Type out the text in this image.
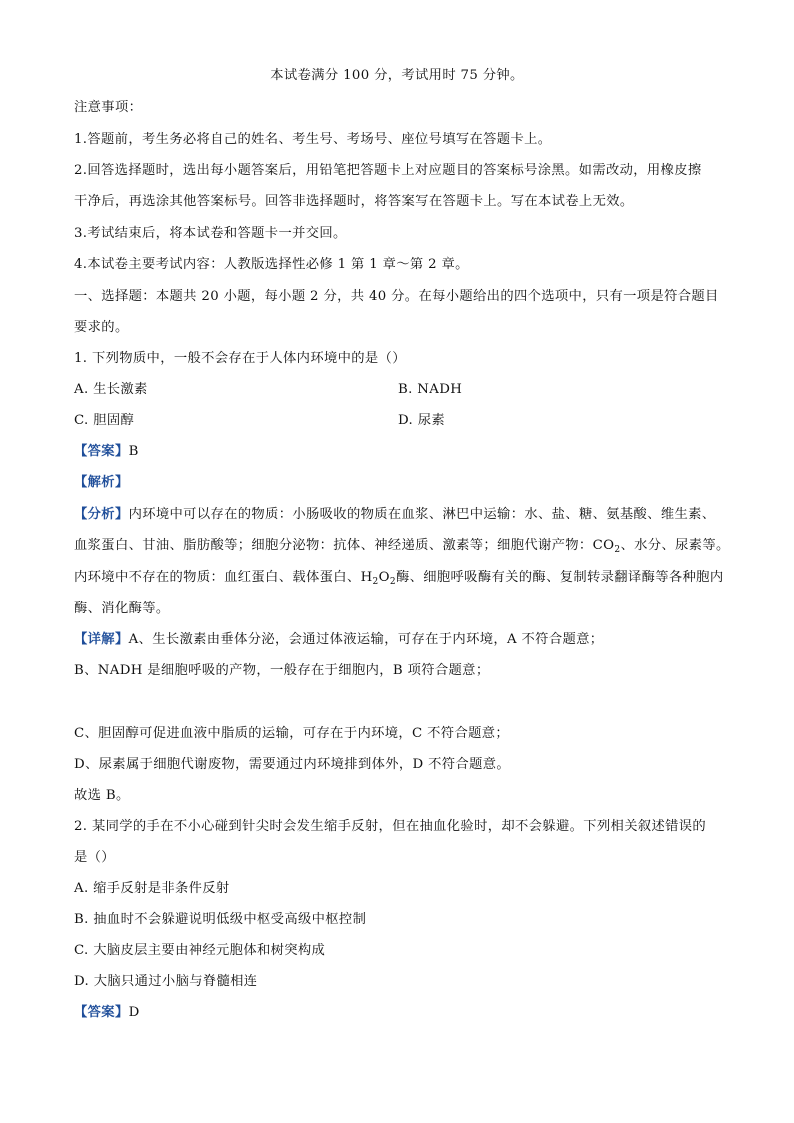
本试卷满分 100 分，考试用时 75 分钟。
注意事项：
1.答题前，考生务必将自己的姓名、考生号、考场号、座位号填写在答题卡上。
2.回答选择题时，选出每小题答案后，用铅笔把答题卡上对应题目的答案标号涂黑。如需改动，用橡皮擦
干净后，再选涂其他答案标号。回答非选择题时，将答案写在答题卡上。写在本试卷上无效。
3.考试结束后，将本试卷和答题卡一并交回。
4.本试卷主要考试内容：人教版选择性必修 1 第 1 章～第 2 章。
一、选择题：本题共 20 小题，每小题 2 分，共 40 分。在每小题给出的四个选项中，只有一项是符合题目
要求的。
1. 下列物质中，一般不会存在于人体内环境中的是（）
A. 生长激素	B. NADH
C. 胆固醇	D. 尿素
【答案】B
【解析】
【分析】内环境中可以存在的物质：小肠吸收的物质在血浆、淋巴中运输：水、盐、糖、氨基酸、维生素、
血浆蛋白、甘油、脂肪酸等；细胞分泌物：抗体、神经递质、激素等；细胞代谢产物：$CO_2$、水分、尿素等。
内环境中不存在的物质：血红蛋白、载体蛋白、$H_2O_2$酶、细胞呼吸酶有关的酶、复制转录翻译酶等各种胞内
酶、消化酶等。
【详解】A、生长激素由垂体分泌，会通过体液运输，可存在于内环境，A 不符合题意；
B、NADH 是细胞呼吸的产物，一般存在于细胞内，B 项符合题意；
C、胆固醇可促进血液中脂质的运输，可存在于内环境，C 不符合题意；
D、尿素属于细胞代谢废物，需要通过内环境排到体外，D 不符合题意。
故选 B。
2. 某同学的手在不小心碰到针尖时会发生缩手反射，但在抽血化验时，却不会躲避。下列相关叙述错误的
是（）
A. 缩手反射是非条件反射
B. 抽血时不会躲避说明低级中枢受高级中枢控制
C. 大脑皮层主要由神经元胞体和树突构成
D. 大脑只通过小脑与脊髓相连
【答案】D
